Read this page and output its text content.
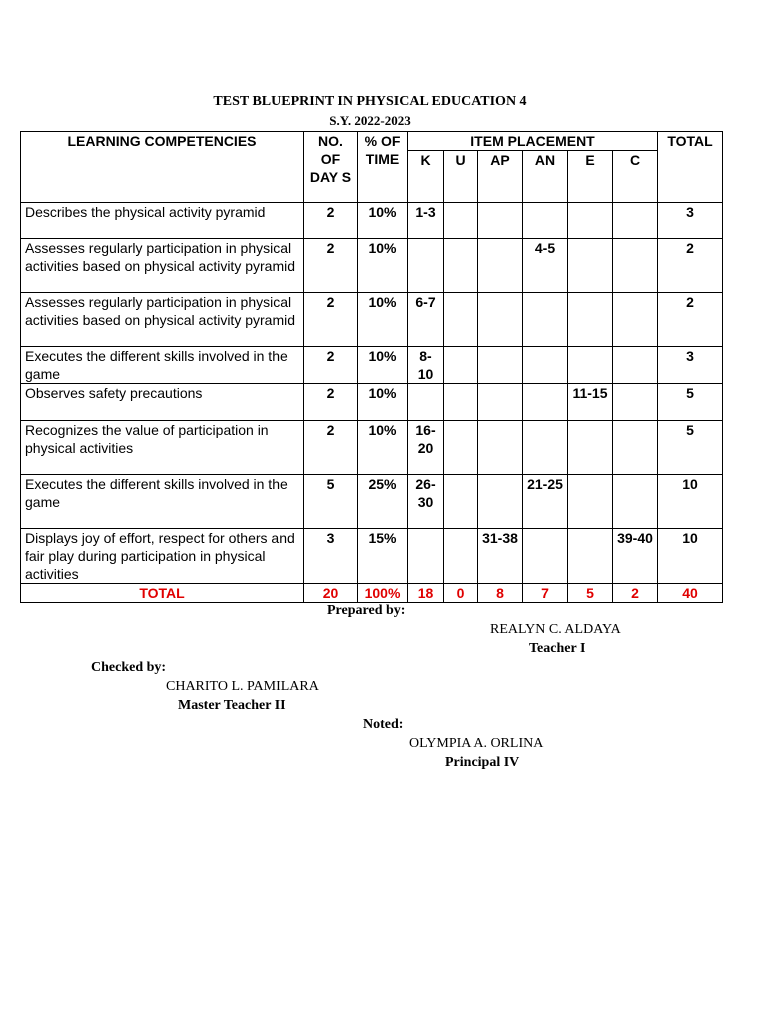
TEST BLUEPRINT IN PHYSICAL EDUCATION 4
S.Y. 2022-2023
LEARNING COMPETENCIES	NO. OF DAY S	% OF TIME	ITEM PLACEMENT						TOTAL
			K	U	AP	AN	E	C	
Describes the physical activity pyramid	2	10%	1-3						3
Assesses regularly participation in physical activities based on physical activity pyramid	2	10%				4-5			2
Assesses regularly participation in physical activities based on physical activity pyramid	2	10%	6-7						2
Executes the different skills involved in the game	2	10%	8-10						3
Observes safety precautions	2	10%					11-15		5
Recognizes the value of participation in physical activities	2	10%	16-20						5
Executes the different skills involved in the game	5	25%	26-30			21-25			10
Displays joy of effort, respect for others and fair play during participation in physical activities	3	15%			31-38			39-40	10
TOTAL	20	100%	18	0	8	7	5	2	40
Prepared by:
REALYN C. ALDAYA
Teacher I
Checked by:
CHARITO L. PAMILARA
Master Teacher II
Noted:
OLYMPIA A. ORLINA
Principal IV
